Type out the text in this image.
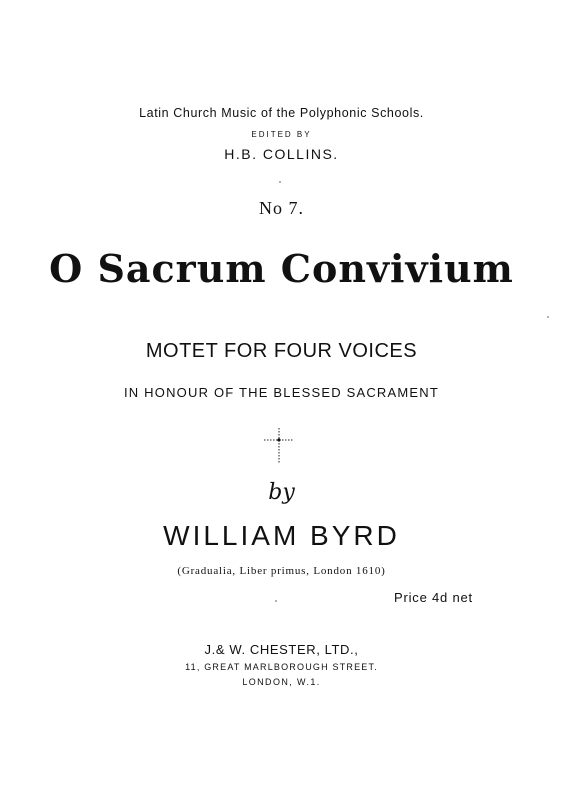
Latin Church Music of the Polyphonic Schools.
EDITED BY
H.B. COLLINS.
No 7.
O Sacrum Convivium
MOTET FOR FOUR VOICES
IN HONOUR OF THE BLESSED SACRAMENT
by
WILLIAM BYRD
(Gradualia, Liber primus, London 1610)
Price 4d net
J.& W. CHESTER, LTD.,
11, GREAT MARLBOROUGH STREET.
LONDON, W.1.
